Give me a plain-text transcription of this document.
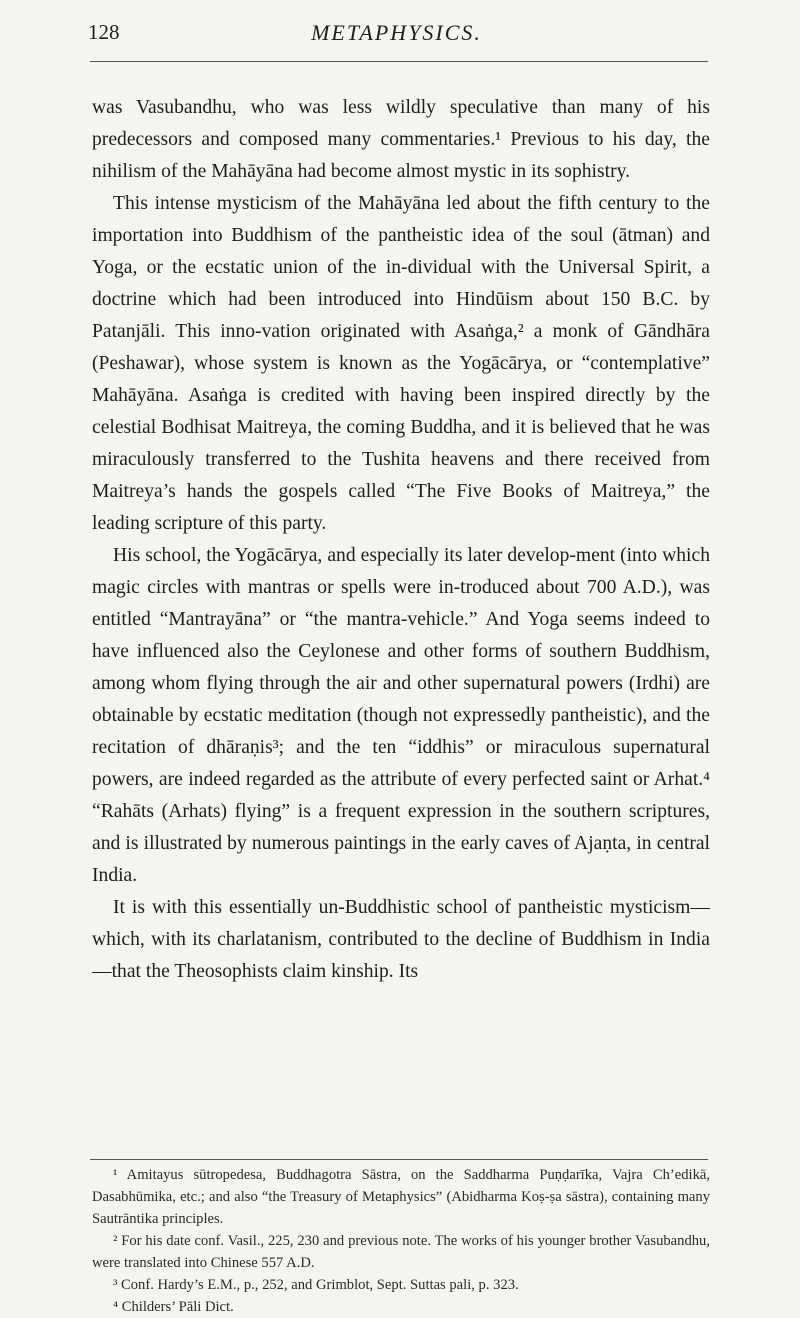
128	METAPHYSICS.

was Vasubandhu, who was less wildly speculative than many of his predecessors and composed many commentaries.¹ Previous to his day, the nihilism of the Mahāyāna had become almost mystic in its sophistry.

This intense mysticism of the Mahāyāna led about the fifth century to the importation into Buddhism of the pantheistic idea of the soul (ātman) and Yoga, or the ecstatic union of the in-dividual with the Universal Spirit, a doctrine which had been introduced into Hindūism about 150 B.C. by Patanjāli. This inno-vation originated with Asaṅga,² a monk of Gāndhāra (Peshawar), whose system is known as the Yogācārya, or “contemplative” Mahāyāna. Asaṅga is credited with having been inspired directly by the celestial Bodhisat Maitreya, the coming Buddha, and it is believed that he was miraculously transferred to the Tushita heavens and there received from Maitreya’s hands the gospels called “The Five Books of Maitreya,” the leading scripture of this party.

His school, the Yogācārya, and especially its later develop-ment (into which magic circles with mantras or spells were in-troduced about 700 A.D.), was entitled “Mantrayāna” or “the mantra-vehicle.” And Yoga seems indeed to have influenced also the Ceylonese and other forms of southern Buddhism, among whom flying through the air and other supernatural powers (Irdhi) are obtainable by ecstatic meditation (though not expressedly pantheistic), and the recitation of dhāraṇis³; and the ten “iddhis” or miraculous supernatural powers, are indeed regarded as the attribute of every perfected saint or Arhat.⁴ “Rahāts (Arhats) flying” is a frequent expression in the southern scriptures, and is illustrated by numerous paintings in the early caves of Ajaṇta, in central India.

It is with this essentially un-Buddhistic school of pantheistic mysticism—which, with its charlatanism, contributed to the decline of Buddhism in India—that the Theosophists claim kinship. Its

¹ Amitayus sūtropedesa, Buddhagotra Sāstra, on the Saddharma Puṇḍarīka, Vajra Ch’edikā, Dasabhūmika, etc.; and also “the Treasury of Metaphysics” (Abidharma Koṣ-ṣa sāstra), containing many Sautrāntika principles.

² For his date conf. Vasil., 225, 230 and previous note. The works of his younger brother Vasubandhu, were translated into Chinese 557 A.D.

³ Conf. Hardy’s E.M., p., 252, and Grimblot, Sept. Suttas pali, p. 323.

⁴ Childers’ Pāli Dict.
